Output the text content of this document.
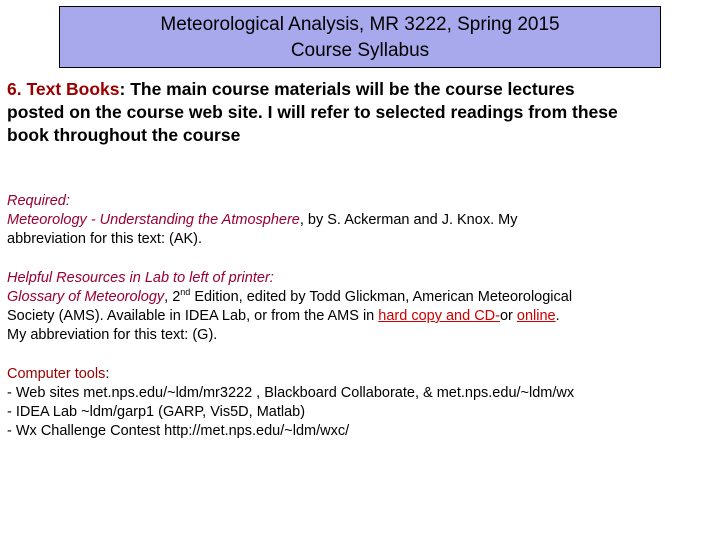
Meteorological Analysis, MR 3222, Spring 2015
Course Syllabus
6. Text Books: The main course materials will be the course lectures
posted on the course web site. I will refer to selected readings from these
book throughout the course
Required:
Meteorology - Understanding the Atmosphere, by S. Ackerman and J. Knox. My
abbreviation for this text: (AK).
Helpful Resources in Lab to left of printer:
Glossary of Meteorology, 2nd Edition, edited by Todd Glickman, American Meteorological
Society (AMS). Available in IDEA Lab, or from the AMS in hard copy and CD-or online.
My abbreviation for this text: (G).
Computer tools:
- Web sites met.nps.edu/~ldm/mr3222 , Blackboard Collaborate, & met.nps.edu/~ldm/wx
- IDEA Lab ~ldm/garp1 (GARP, Vis5D, Matlab)
- Wx Challenge Contest http://met.nps.edu/~ldm/wxc/
